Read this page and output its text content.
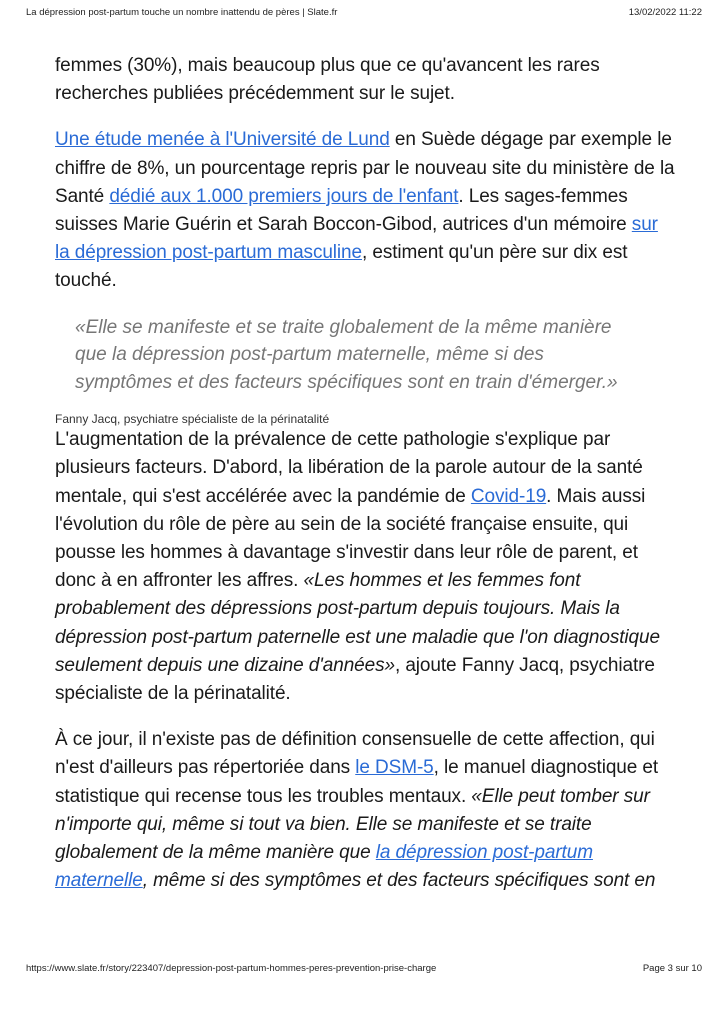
La dépression post-partum touche un nombre inattendu de pères | Slate.fr	13/02/2022 11:22

femmes (30%), mais beaucoup plus que ce qu'avancent les rares recherches publiées précédemment sur le sujet.

Une étude menée à l'Université de Lund en Suède dégage par exemple le chiffre de 8%, un pourcentage repris par le nouveau site du ministère de la Santé dédié aux 1.000 premiers jours de l'enfant. Les sages-femmes suisses Marie Guérin et Sarah Boccon-Gibod, autrices d'un mémoire sur la dépression post-partum masculine, estiment qu'un père sur dix est touché.

«Elle se manifeste et se traite globalement de la même manière que la dépression post-partum maternelle, même si des symptômes et des facteurs spécifiques sont en train d'émerger.»
Fanny Jacq, psychiatre spécialiste de la périnatalité

L'augmentation de la prévalence de cette pathologie s'explique par plusieurs facteurs. D'abord, la libération de la parole autour de la santé mentale, qui s'est accélérée avec la pandémie de Covid-19. Mais aussi l'évolution du rôle de père au sein de la société française ensuite, qui pousse les hommes à davantage s'investir dans leur rôle de parent, et donc à en affronter les affres. «Les hommes et les femmes font probablement des dépressions post-partum depuis toujours. Mais la dépression post-partum paternelle est une maladie que l'on diagnostique seulement depuis une dizaine d'années», ajoute Fanny Jacq, psychiatre spécialiste de la périnatalité.

À ce jour, il n'existe pas de définition consensuelle de cette affection, qui n'est d'ailleurs pas répertoriée dans le DSM-5, le manuel diagnostique et statistique qui recense tous les troubles mentaux. «Elle peut tomber sur n'importe qui, même si tout va bien. Elle se manifeste et se traite globalement de la même manière que la dépression post-partum maternelle, même si des symptômes et des facteurs spécifiques sont en

https://www.slate.fr/story/223407/depression-post-partum-hommes-peres-prevention-prise-charge	Page 3 sur 10
